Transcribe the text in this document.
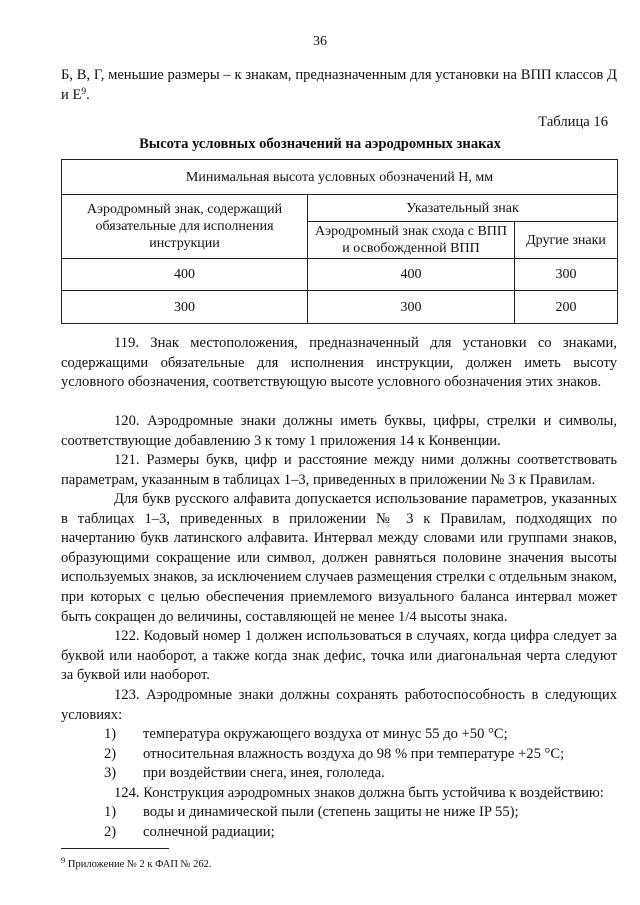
36
Б, В, Г, меньшие размеры – к знакам, предназначенным для установки на ВПП классов Д и $Е^9$.
Таблица 16
Высота условных обозначений на аэродромных знаках
Минимальная высота условных обозначений Н, мм		
Аэродромный знак, содержащий обязательные для исполнения инструкции	Указательный знак	
	Аэродромный знак схода с ВПП и освобожденной ВПП	Другие знаки
400	400	300
300	300	200
119. Знак местоположения, предназначенный для установки со знаками, содержащими обязательные для исполнения инструкции, должен иметь высоту условного обозначения, соответствующую высоте условного обозначения этих знаков.
120. Аэродромные знаки должны иметь буквы, цифры, стрелки и символы, соответствующие добавлению 3 к тому 1 приложения 14 к Конвенции.
121. Размеры букв, цифр и расстояние между ними должны соответствовать параметрам, указанным в таблицах 1–3, приведенных в приложении № 3 к Правилам.
Для букв русского алфавита допускается использование параметров, указанных в таблицах 1–3, приведенных в приложении № 3 к Правилам, подходящих по начертанию букв латинского алфавита. Интервал между словами или группами знаков, образующими сокращение или символ, должен равняться половине значения высоты используемых знаков, за исключением случаев размещения стрелки с отдельным знаком, при которых с целью обеспечения приемлемого визуального баланса интервал может быть сокращен до величины, составляющей не менее 1/4 высоты знака.
122. Кодовый номер 1 должен использоваться в случаях, когда цифра следует за буквой или наоборот, а также когда знак дефис, точка или диагональная черта следуют за буквой или наоборот.
123. Аэродромные знаки должны сохранять работоспособность в следующих условиях:
1) температура окружающего воздуха от минус 55 до +50 °С;
2) относительная влажность воздуха до 98 % при температуре +25 °С;
3) при воздействии снега, инея, гололеда.
124. Конструкция аэродромных знаков должна быть устойчива к воздействию:
1) воды и динамической пыли (степень защиты не ниже IP 55);
2) солнечной радиации;
$^9$ Приложение № 2 к ФАП № 262.
